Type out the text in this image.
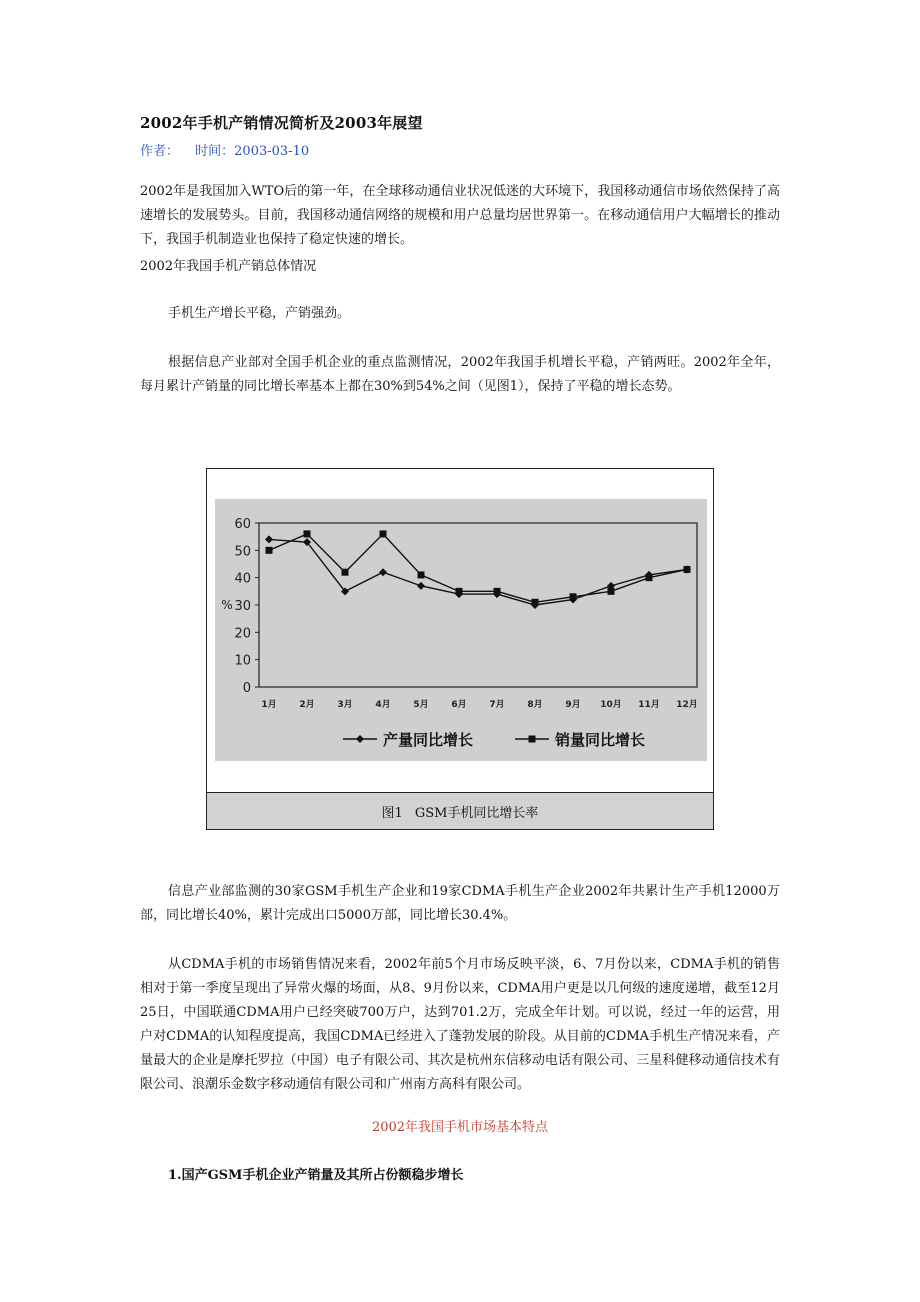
2002年手机产销情况简析及2003年展望
作者： 时间：2003-03-10
2002年是我国加入WTO后的第一年，在全球移动通信业状况低迷的大环境下，我国移动通信市场依然保持了高速增长的发展势头。目前，我国移动通信网络的规模和用户总量均居世界第一。在移动通信用户大幅增长的推动下，我国手机制造业也保持了稳定快速的增长。
2002年我国手机产销总体情况
手机生产增长平稳，产销强劲。
根据信息产业部对全国手机企业的重点监测情况，2002年我国手机增长平稳，产销两旺。2002年全年，每月累计产销量的同比增长率基本上都在30%到54%之间（见图1），保持了平稳的增长态势。
0
10
20
30
40
50
60
%
1月	2月	3月	4月	5月	6月	7月	8月	9月 10月 11月 12月
产量同比增长	销量同比增长
图1 GSM手机同比增长率
信息产业部监测的30家GSM手机生产企业和19家CDMA手机生产企业2002年共累计生产手机12000万部，同比增长40%，累计完成出口5000万部，同比增长30.4%。
从CDMA手机的市场销售情况来看，2002年前5个月市场反映平淡，6、7月份以来，CDMA手机的销售相对于第一季度呈现出了异常火爆的场面，从8、9月份以来，CDMA用户更是以几何级的速度递增，截至12月25日，中国联通CDMA用户已经突破700万户，达到701.2万，完成全年计划。可以说，经过一年的运营，用户对CDMA的认知程度提高，我国CDMA已经进入了蓬勃发展的阶段。从目前的CDMA手机生产情况来看，产量最大的企业是摩托罗拉（中国）电子有限公司、其次是杭州东信移动电话有限公司、三星科健移动通信技术有限公司、浪潮乐金数字移动通信有限公司和广州南方高科有限公司。
2002年我国手机市场基本特点
1.国产GSM手机企业产销量及其所占份额稳步增长
